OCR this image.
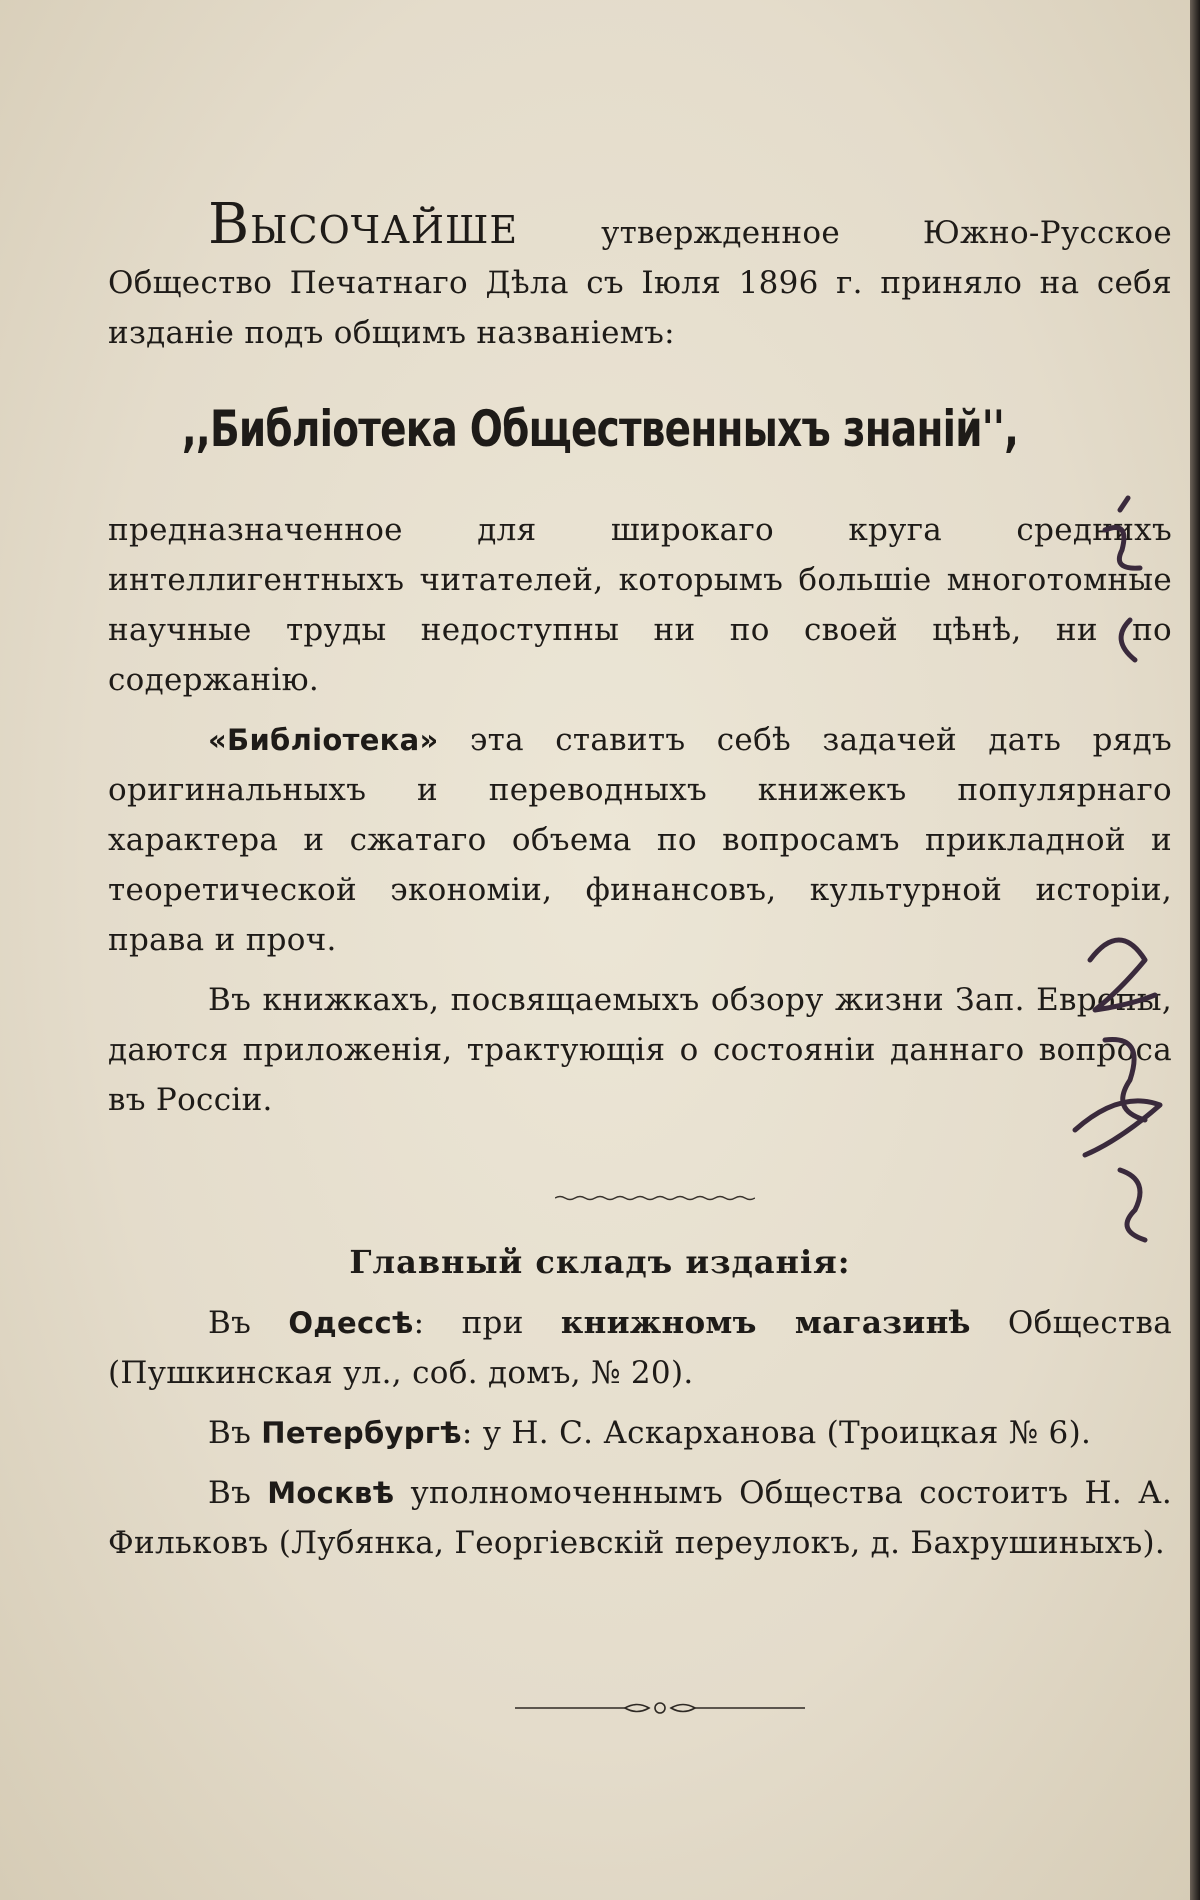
ВЫСОЧАЙШЕ утвержденное Южно-Русское Общество Печатнаго Дѣла съ Іюля 1896 г. приняло на себя изданіе подъ общимъ названіемъ:

,,Библіотека Общественныхъ знаній'',

предназначенное для широкаго круга среднихъ интеллигентныхъ читателей, которымъ большіе многотомные научные труды недоступны ни по своей цѣнѣ, ни по содержанію.

«Библіотека» эта ставитъ себѣ задачей дать рядъ оригинальныхъ и переводныхъ книжекъ популярнаго характера и сжатаго объема по вопросамъ прикладной и теоретической экономіи, финансовъ, культурной исторіи, права и проч.

Въ книжкахъ, посвящаемыхъ обзору жизни Зап. Европы, даются приложенія, трактующія о состояніи даннаго вопроса въ Россіи.

Главный складъ изданія:

Въ Одессѣ: при книжномъ магазинѣ Общества (Пушкинская ул., соб. домъ, № 20).

Въ Петербургѣ: у Н. С. Аскарханова (Троицкая № 6).

Въ Москвѣ уполномоченнымъ Общества состоитъ Н. А. Фильковъ (Лубянка, Георгіевскій переулокъ, д. Бахрушиныхъ).
